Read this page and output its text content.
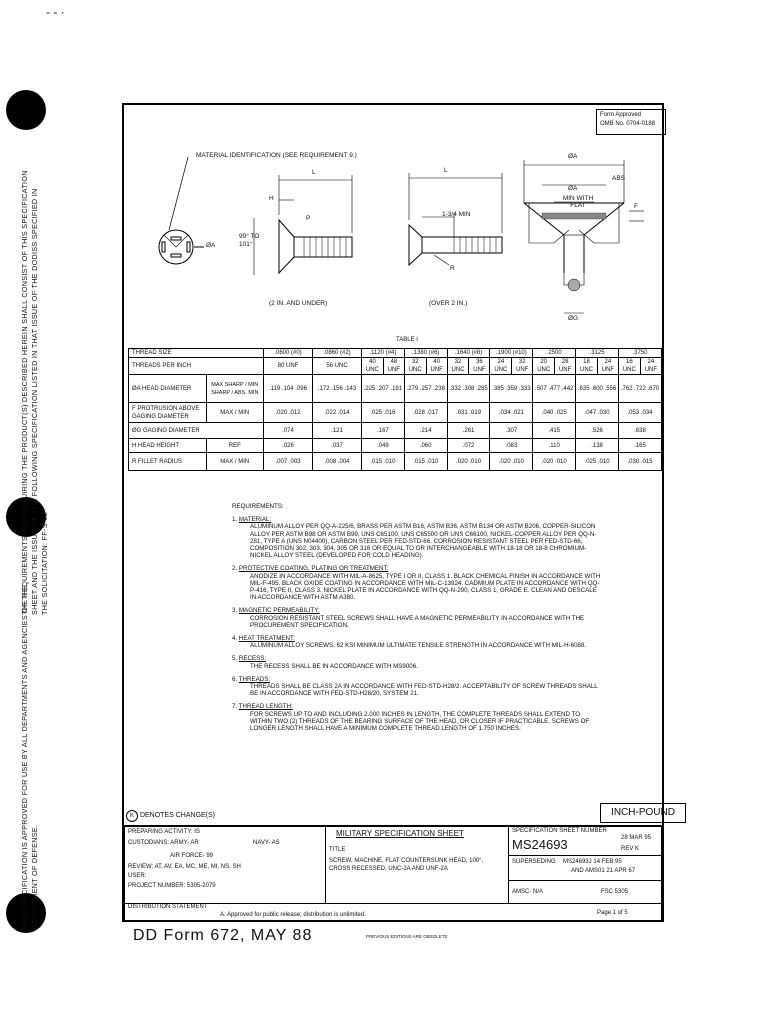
- - ·
THE REQUIREMENTS FOR ACQUIRING THE PRODUCT(S) DESCRIBED HEREIN SHALL CONSIST OF THIS SPECIFICATION SHEET AND THE ISSUE OF THE FOLLOWING SPECIFICATION LISTED IN THAT ISSUE OF THE DODISS SPECIFIED IN THE SOLICITATION: FF-S-92
THIS SPECIFICATION IS APPROVED FOR USE BY ALL DEPARTMENTS AND AGENCIES OF THE DEPARTMENT OF DEFENSE.
Form Approved
OMB No. 0704-0188
MATERIAL IDENTIFICATION (SEE REQUIREMENT 9.)
L
H
P
ØA
99° TO 101°
L
1-3/4 MIN
R
ØA
ABS
ØA
MIN WITH FLAT	F
ØG
(2 IN. AND UNDER)	(OVER 2 IN.)
TABLE I
THREAD SIZE		.0600 (#0)	.0860 (#2)	.1120 (#4)		.1380 (#6)		.1640 (#8)		.1900 (#10)		.2500		.3125		.3750	
THREADS PER INCH		80 UNF	56 UNC	40 UNC	48 UNF	32 UNC	40 UNF	32 UNC	36 UNF	24 UNC	32 UNF	20 UNC	28 UNF	18 UNC	24 UNF	16 UNC	24 UNF
ØA HEAD DIAMETER	MAX SHARP / MIN SHARP / ABS. MIN	.119 .104 .096	.172 .156 .143	.225 .207 .191		.279 .257 .238		.332 .308 .285		.385 .359 .333		.507 .477 .442		.635 .600 .556		.762 .722 .670	
F PROTRUSION ABOVE GAGING DIAMETER	MAX / MIN	.020 .012	.022 .014	.025 .016		.028 .017		.031 .019		.034 .021		.040 .025		.047 .030		.053 .034	
ØG GAGING DIAMETER		.074	.121	.167		.214		.261		.307		.415		.526		.638	
H HEAD HEIGHT	REF	.026	.037	.049		.060		.072		.083		.110		.138		.165	
R FILLET RADIUS	MAX / MIN	.007 .003	.008 .004	.015 .010		.015 .010		.020 .010		.020 .010		.020 .010		.025 .010		.030 .015	
REQUIREMENTS:
1. MATERIAL:
ALUMINUM ALLOY PER QQ-A-225/6, BRASS PER ASTM B16, ASTM B36, ASTM B134 OR ASTM B206, COPPER-SILICON ALLOY PER ASTM B98 OR ASTM B99, UNS C65100, UNS C65500 OR UNS C66100, NICKEL-COPPER ALLOY PER QQ-N-281, TYPE A (UNS N04400), CARBON STEEL PER FED-STD-66, CORROSION RESISTANT STEEL PER FED-STD-66, COMPOSITION 302, 303, 304, 305 OR 316 OR EQUAL TO OR INTERCHANGEABLE WITH 18-18 OR 18-8 CHROMIUM-NICKEL ALLOY STEEL (DEVELOPED FOR COLD HEADING).
2. PROTECTIVE COATING, PLATING OR TREATMENT:
ANODIZE IN ACCORDANCE WITH MIL-A-8625, TYPE I OR II, CLASS 1. BLACK CHEMICAL FINISH IN ACCORDANCE WITH MIL-F-495. BLACK OXIDE COATING IN ACCORDANCE WITH MIL-C-13924. CADMIUM PLATE IN ACCORDANCE WITH QQ-P-416, TYPE II, CLASS 3. NICKEL PLATE IN ACCORDANCE WITH QQ-N-290, CLASS 1, GRADE E. CLEAN AND DESCALE IN ACCORDANCE WITH ASTM A380.
3. MAGNETIC PERMEABILITY:
CORROSION RESISTANT STEEL SCREWS SHALL HAVE A MAGNETIC PERMEABILITY IN ACCORDANCE WITH THE PROCUREMENT SPECIFICATION.
4. HEAT TREATMENT:
ALUMINUM ALLOY SCREWS, 62 KSI MINIMUM ULTIMATE TENSILE STRENGTH IN ACCORDANCE WITH MIL-H-6088.
5. RECESS:
THE RECESS SHALL BE IN ACCORDANCE WITH MS9006.
6. THREADS:
THREADS SHALL BE CLASS 2A IN ACCORDANCE WITH FED-STD-H28/2. ACCEPTABILITY OF SCREW THREADS SHALL BE IN ACCORDANCE WITH FED-STD-H28/20, SYSTEM 21.
7. THREAD LENGTH:
FOR SCREWS UP TO AND INCLUDING 2.000 INCHES IN LENGTH, THE COMPLETE THREADS SHALL EXTEND TO WITHIN TWO (2) THREADS OF THE BEARING SURFACE OF THE HEAD, OR CLOSER IF PRACTICABLE. SCREWS OF LONGER LENGTH SHALL HAVE A MINIMUM COMPLETE THREAD LENGTH OF 1.750 INCHES.
K DENOTES CHANGE(S)	INCH-POUND
PREPARING ACTIVITY: IS
CUSTODIANS: ARMY- AR	NAVY- AS
AIR FORCE- 99
REVIEW: AT, AV, EA, MC, ME, MI, NS, SH
USER:
PROJECT NUMBER: 5305-2079
MILITARY SPECIFICATION SHEET
TITLE
SCREW, MACHINE, FLAT COUNTERSUNK HEAD, 100°, CROSS RECESSED, UNC-2A AND UNF-2A
SPECIFICATION SHEET NUMBER
28 MAR 95
MS24693	REV K
SUPERSEDING MS24693J 14 FEB 95
AND AMS01 21 APR 67
AMSC- N/A	FSC 5305
DISTRIBUTION STATEMENT
A. Approved for public release; distribution is unlimited.	Page 1 of 5
DD Form 672, MAY 88	PREVIOUS EDITIONS ARE OBSOLETE
